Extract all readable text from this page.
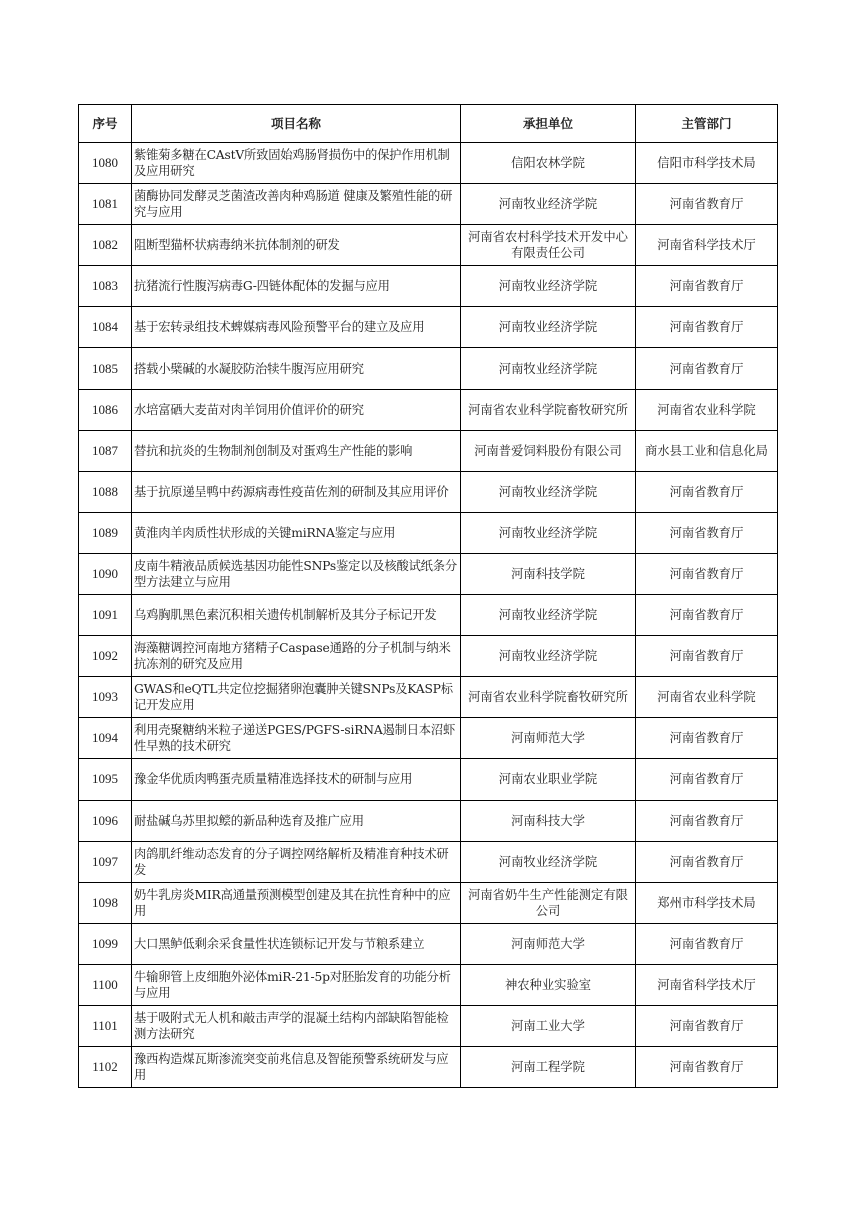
序号	项目名称	承担单位	主管部门
1080	紫锥菊多糖在CAstV所致固始鸡肠肾损伤中的保护作用机制及应用研究	信阳农林学院	信阳市科学技术局
1081	菌酶协同发酵灵芝菌渣改善肉种鸡肠道 健康及繁殖性能的研究与应用	河南牧业经济学院	河南省教育厅
1082	阻断型猫杯状病毒纳米抗体制剂的研发	河南省农村科学技术开发中心有限责任公司	河南省科学技术厅
1083	抗猪流行性腹泻病毒G-四链体配体的发掘与应用	河南牧业经济学院	河南省教育厅
1084	基于宏转录组技术蜱媒病毒风险预警平台的建立及应用	河南牧业经济学院	河南省教育厅
1085	搭载小檗碱的水凝胶防治犊牛腹泻应用研究	河南牧业经济学院	河南省教育厅
1086	水培富硒大麦苗对肉羊饲用价值评价的研究	河南省农业科学院畜牧研究所	河南省农业科学院
1087	替抗和抗炎的生物制剂创制及对蛋鸡生产性能的影响	河南普爱饲料股份有限公司	商水县工业和信息化局
1088	基于抗原递呈鸭中药源病毒性疫苗佐剂的研制及其应用评价	河南牧业经济学院	河南省教育厅
1089	黄淮肉羊肉质性状形成的关键miRNA鉴定与应用	河南牧业经济学院	河南省教育厅
1090	皮南牛精液品质候选基因功能性SNPs鉴定以及核酸试纸条分型方法建立与应用	河南科技学院	河南省教育厅
1091	乌鸡胸肌黑色素沉积相关遗传机制解析及其分子标记开发	河南牧业经济学院	河南省教育厅
1092	海藻糖调控河南地方猪精子Caspase通路的分子机制与纳米抗冻剂的研究及应用	河南牧业经济学院	河南省教育厅
1093	GWAS和eQTL共定位挖掘猪卵泡囊肿关键SNPs及KASP标记开发应用	河南省农业科学院畜牧研究所	河南省农业科学院
1094	利用壳聚糖纳米粒子递送PGES/PGFS-siRNA遏制日本沼虾性早熟的技术研究	河南师范大学	河南省教育厅
1095	豫金华优质肉鸭蛋壳质量精准选择技术的研制与应用	河南农业职业学院	河南省教育厅
1096	耐盐碱乌苏里拟鲿的新品种选育及推广应用	河南科技大学	河南省教育厅
1097	肉鸽肌纤维动态发育的分子调控网络解析及精准育种技术研发	河南牧业经济学院	河南省教育厅
1098	奶牛乳房炎MIR高通量预测模型创建及其在抗性育种中的应用	河南省奶牛生产性能测定有限公司	郑州市科学技术局
1099	大口黑鲈低剩余采食量性状连锁标记开发与节粮系建立	河南师范大学	河南省教育厅
1100	牛输卵管上皮细胞外泌体miR-21-5p对胚胎发育的功能分析与应用	神农种业实验室	河南省科学技术厅
1101	基于吸附式无人机和敲击声学的混凝土结构内部缺陷智能检测方法研究	河南工业大学	河南省教育厅
1102	豫西构造煤瓦斯渗流突变前兆信息及智能预警系统研发与应用	河南工程学院	河南省教育厅
